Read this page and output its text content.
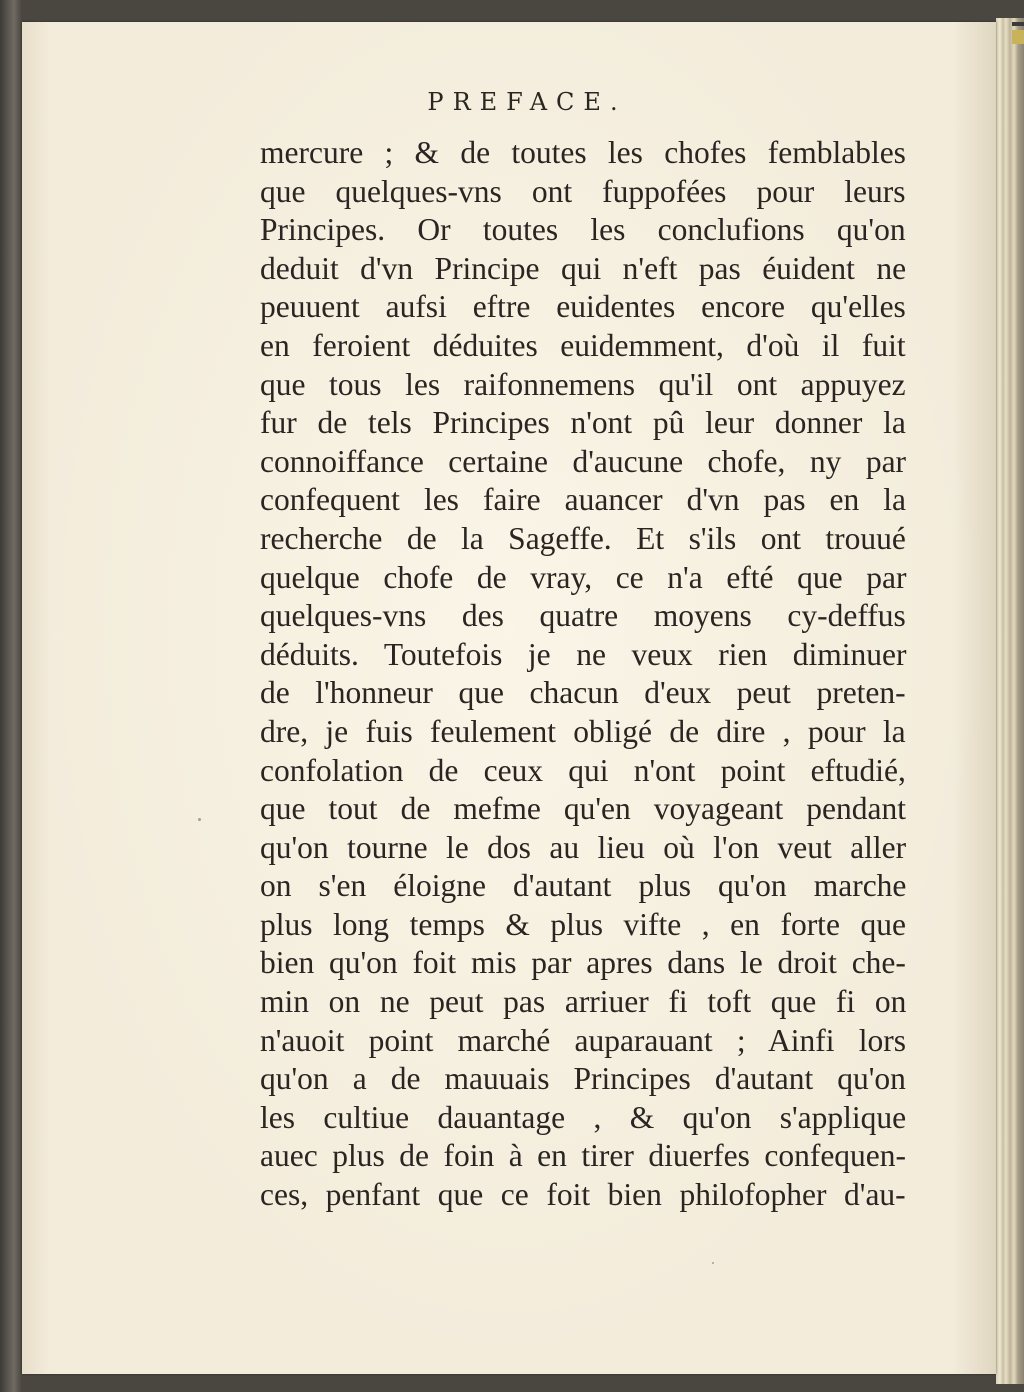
PREFACE.
mercure ; & de toutes les chofes femblables
que quelques-vns ont fuppofées pour leurs
Principes. Or toutes les conclufions qu'on
deduit d'vn Principe qui n'eft pas éuident ne
peuuent aufsi eftre euidentes encore qu'elles
en feroient déduites euidemment, d'où il fuit
que tous les raifonnemens qu'il ont appuyez
fur de tels Principes n'ont pû leur donner la
connoiffance certaine d'aucune chofe, ny par
confequent les faire auancer d'vn pas en la
recherche de la Sageffe. Et s'ils ont trouué
quelque chofe de vray, ce n'a efté que par
quelques-vns des quatre moyens cy-deffus
déduits. Toutefois je ne veux rien diminuer
de l'honneur que chacun d'eux peut preten-
dre, je fuis feulement obligé de dire , pour la
confolation de ceux qui n'ont point eftudié,
que tout de mefme qu'en voyageant pendant
qu'on tourne le dos au lieu où l'on veut aller
on s'en éloigne d'autant plus qu'on marche
plus long temps & plus vifte , en forte que
bien qu'on foit mis par apres dans le droit che-
min on ne peut pas arriuer fi toft que fi on
n'auoit point marché auparauant ; Ainfi lors
qu'on a de mauuais Principes d'autant qu'on
les cultiue dauantage , & qu'on s'applique
auec plus de foin à en tirer diuerfes confequen-
ces, penfant que ce foit bien philofopher d'au-
